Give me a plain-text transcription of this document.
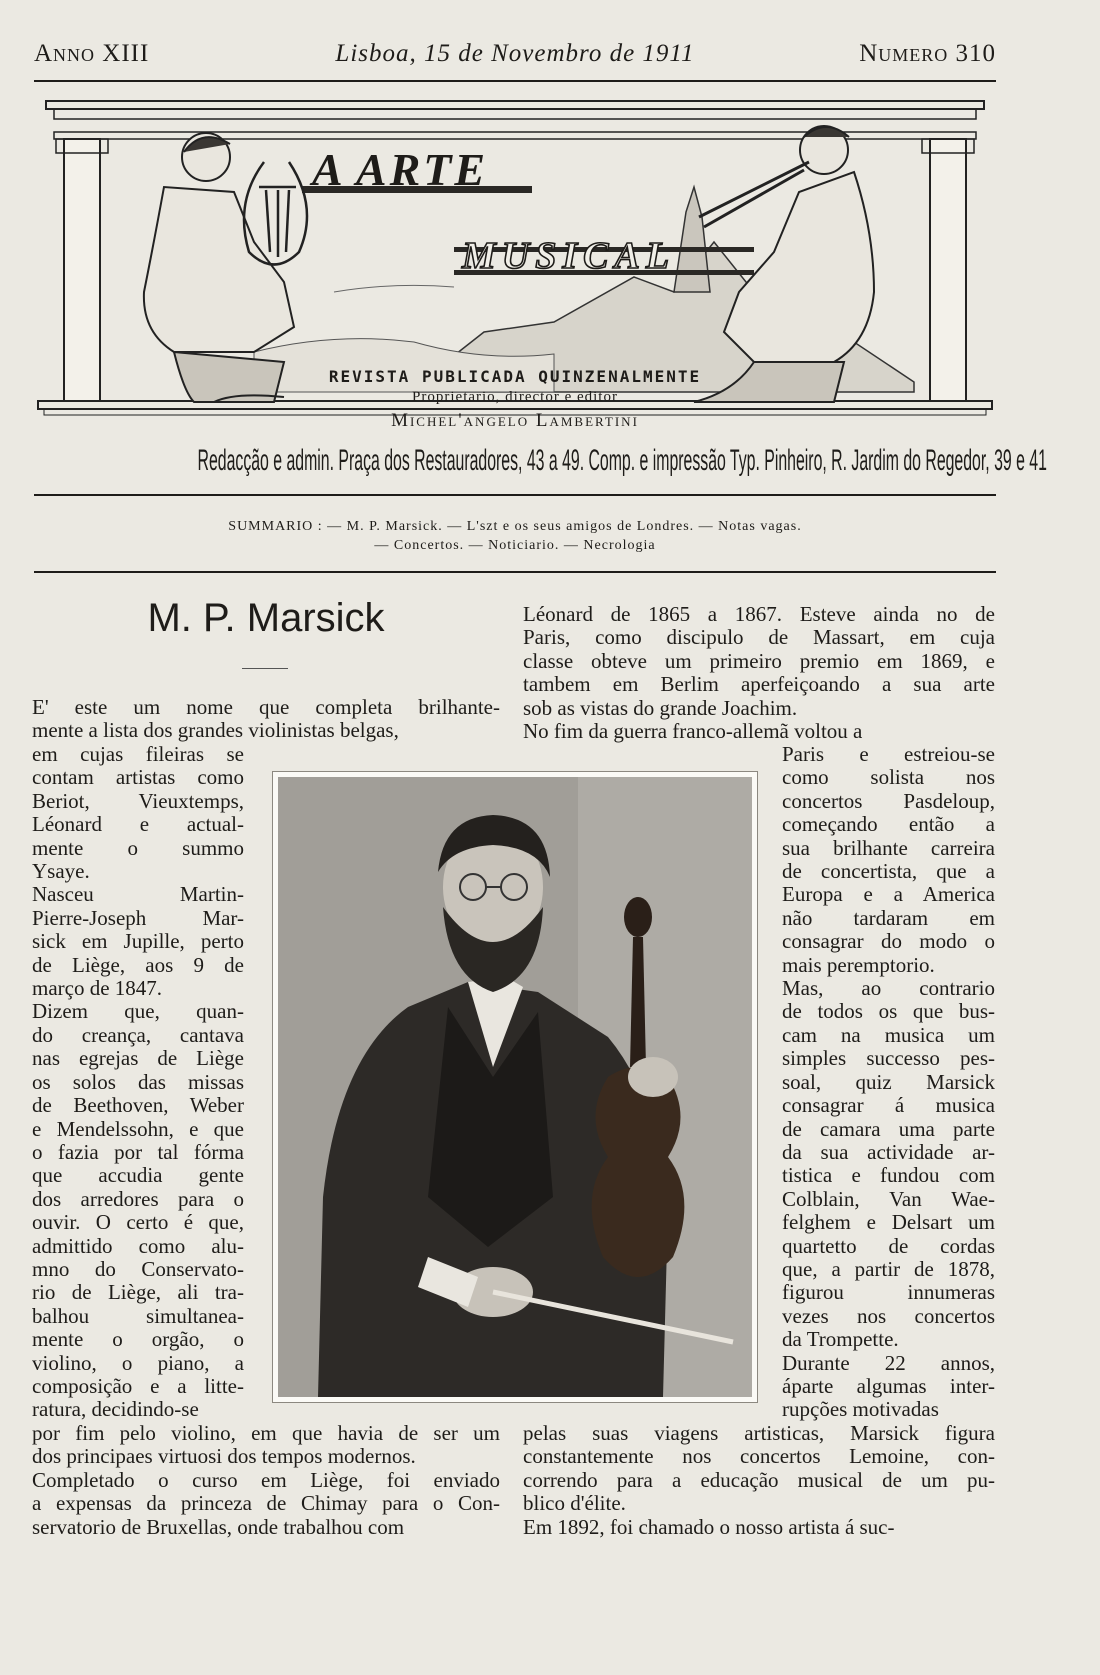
Anno XIII	Lisboa, 15 de Novembro de 1911	Numero 310
A ARTE
MUSICAL
REVISTA PUBLICADA QUINZENALMENTE
Proprietario, director e editor
Michel'angelo Lambertini
Redacção e admin. Praça dos Restauradores, 43 a 49. Comp. e impressão Typ. Pinheiro, R. Jardim do Regedor, 39 e 41
SUMMARIO : — M. P. Marsick. — L'szt e os seus amigos de Londres. — Notas vagas.
— Concertos. — Noticiario. — Necrologia
M. P. Marsick
E' este um nome que completa brilhante-
mente a lista dos grandes violinistas belgas,
em cujas fileiras se
contam artistas como
Beriot, Vieuxtemps,
Léonard e actual-
mente o summo
Ysaye.
Nasceu Martin-
Pierre-Joseph Mar-
sick em Jupille, perto
de Liège, aos 9 de
março de 1847.
Dizem que, quan-
do creança, cantava
nas egrejas de Liège
os solos das missas
de Beethoven, Weber
e Mendelssohn, e que
o fazia por tal fórma
que accudia gente
dos arredores para o
ouvir. O certo é que,
admittido como alu-
mno do Conservato-
rio de Liège, ali tra-
balhou simultanea-
mente o orgão, o
violino, o piano, a
composição e a litte-
ratura, decidindo-se
por fim pelo violino, em que havia de ser um
dos principaes virtuosi dos tempos modernos.
Completado o curso em Liège, foi enviado
a expensas da princeza de Chimay para o Con-
servatorio de Bruxellas, onde trabalhou com
Léonard de 1865 a 1867. Esteve ainda no de
Paris, como discipulo de Massart, em cuja
classe obteve um primeiro premio em 1869, e
tambem em Berlim aperfeiçoando a sua arte
sob as vistas do grande Joachim.
No fim da guerra franco-allemã voltou a
Paris e estreiou-se
como solista nos
concertos Pasdeloup,
começando então a
sua brilhante carreira
de concertista, que a
Europa e a America
não tardaram em
consagrar do modo o
mais peremptorio.
Mas, ao contrario
de todos os que bus-
cam na musica um
simples successo pes-
soal, quiz Marsick
consagrar á musica
de camara uma parte
da sua actividade ar-
tistica e fundou com
Colblain, Van Wae-
felghem e Delsart um
quartetto de cordas
que, a partir de 1878,
figurou innumeras
vezes nos concertos
da Trompette.
Durante 22 annos,
áparte algumas inter-
rupções motivadas
pelas suas viagens artisticas, Marsick figura
constantemente nos concertos Lemoine, con-
correndo para a educação musical de um pu-
blico d'élite.
Em 1892, foi chamado o nosso artista á suc-
